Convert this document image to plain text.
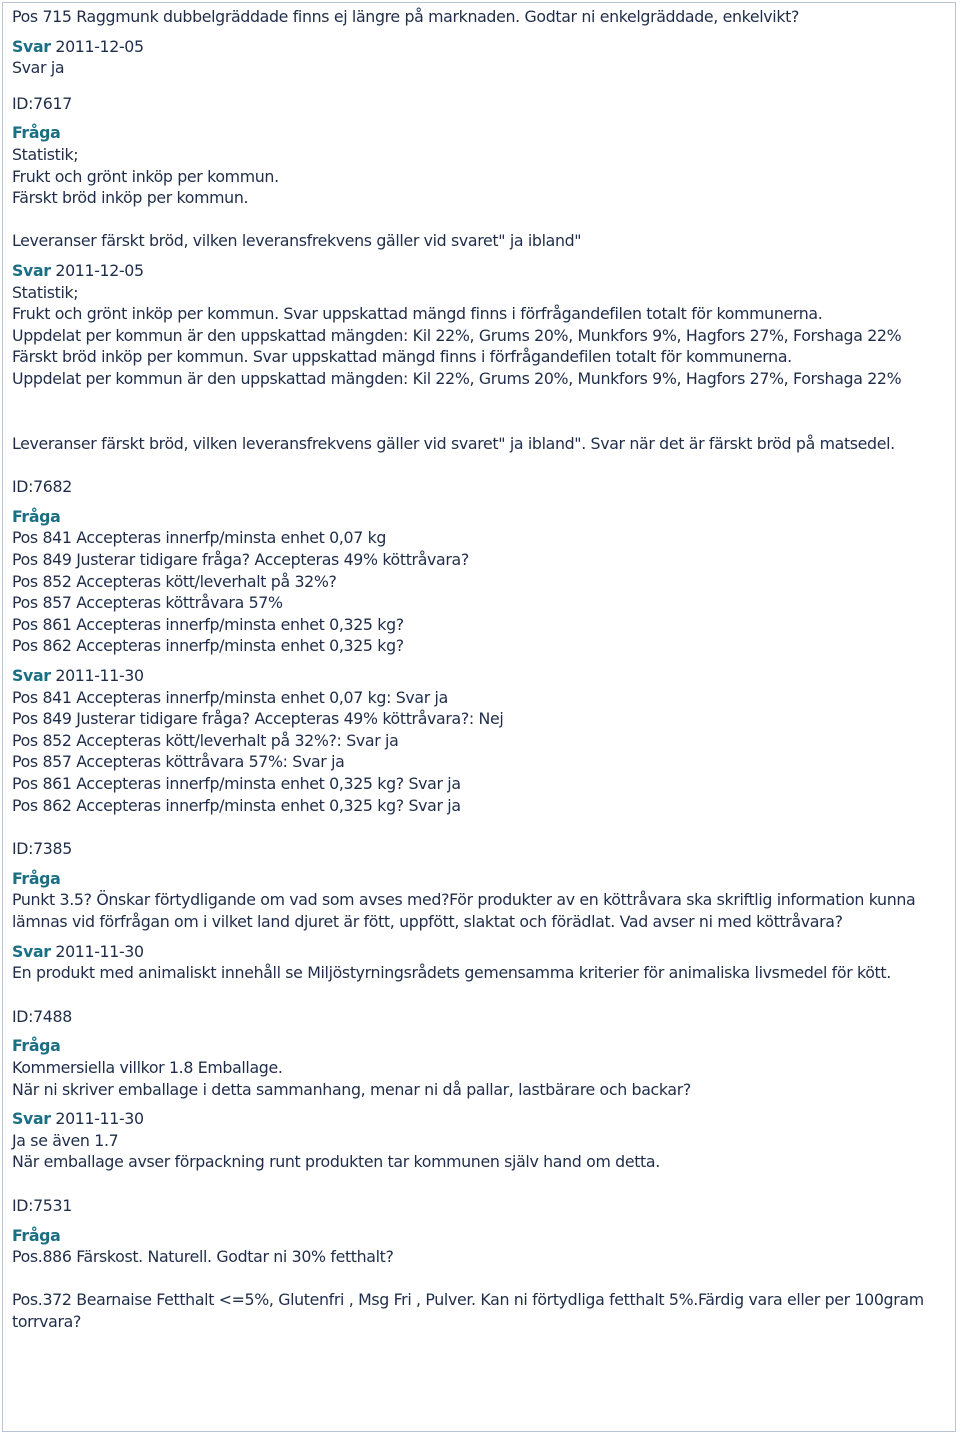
Pos 715 Raggmunk dubbelgräddade finns ej längre på marknaden. Godtar ni enkelgräddade, enkelvikt?
Svar 2011-12-05
Svar ja
ID:7617
Fråga
Statistik;
Frukt och grönt inköp per kommun.
Färskt bröd inköp per kommun.

Leveranser färskt bröd, vilken leveransfrekvens gäller vid svaret" ja ibland"
Svar 2011-12-05
Statistik;
Frukt och grönt inköp per kommun. Svar uppskattad mängd finns i förfrågandefilen totalt för kommunerna.
Uppdelat per kommun är den uppskattad mängden: Kil 22%, Grums 20%, Munkfors 9%, Hagfors 27%, Forshaga 22%
Färskt bröd inköp per kommun. Svar uppskattad mängd finns i förfrågandefilen totalt för kommunerna.
Uppdelat per kommun är den uppskattad mängden: Kil 22%, Grums 20%, Munkfors 9%, Hagfors 27%, Forshaga 22%

Leveranser färskt bröd, vilken leveransfrekvens gäller vid svaret" ja ibland". Svar när det är färskt bröd på matsedel.
ID:7682
Fråga
Pos 841 Accepteras innerfp/minsta enhet 0,07 kg
Pos 849 Justerar tidigare fråga? Accepteras 49% köttråvara?
Pos 852 Accepteras kött/leverhalt på 32%?
Pos 857 Accepteras köttråvara 57%
Pos 861 Accepteras innerfp/minsta enhet 0,325 kg?
Pos 862 Accepteras innerfp/minsta enhet 0,325 kg?
Svar 2011-11-30
Pos 841 Accepteras innerfp/minsta enhet 0,07 kg: Svar ja
Pos 849 Justerar tidigare fråga? Accepteras 49% köttråvara?: Nej
Pos 852 Accepteras kött/leverhalt på 32%?: Svar ja
Pos 857 Accepteras köttråvara 57%: Svar ja
Pos 861 Accepteras innerfp/minsta enhet 0,325 kg? Svar ja
Pos 862 Accepteras innerfp/minsta enhet 0,325 kg? Svar ja
ID:7385
Fråga
Punkt 3.5? Önskar förtydligande om vad som avses med?För produkter av en köttråvara ska skriftlig information kunna lämnas vid förfrågan om i vilket land djuret är fött, uppfött, slaktat och förädlat. Vad avser ni med köttråvara?
Svar 2011-11-30
En produkt med animaliskt innehåll se Miljöstyrningsrådets gemensamma kriterier för animaliska livsmedel för kött.
ID:7488
Fråga
Kommersiella villkor 1.8 Emballage.
När ni skriver emballage i detta sammanhang, menar ni då pallar, lastbärare och backar?
Svar 2011-11-30
Ja se även 1.7
När emballage avser förpackning runt produkten tar kommunen själv hand om detta.
ID:7531
Fråga
Pos.886 Färskost. Naturell. Godtar ni 30% fetthalt?

Pos.372 Bearnaise Fetthalt <=5%, Glutenfri , Msg Fri , Pulver. Kan ni förtydliga fetthalt 5%.Färdig vara eller per 100gram torrvara?
